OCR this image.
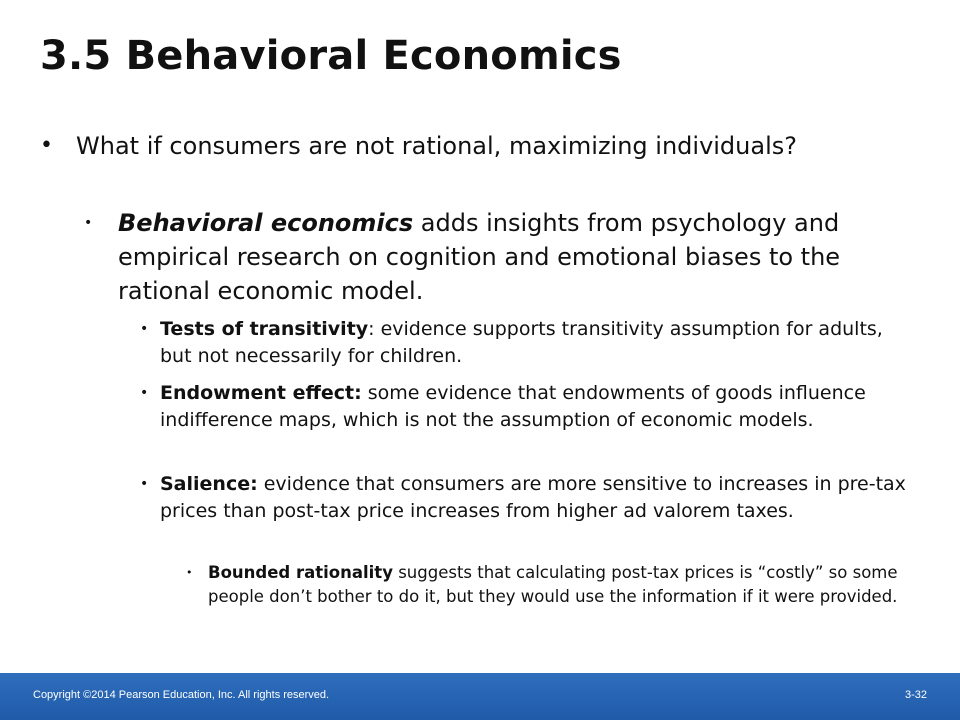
3.5 Behavioral Economics
• What if consumers are not rational, maximizing individuals?
•	Behavioral economics adds insights from psychology and empirical research on cognition and emotional biases to the rational economic model.
• Tests of transitivity: evidence supports transitivity assumption for adults, but not necessarily for children.
• Endowment effect: some evidence that endowments of goods influence indifference maps, which is not the assumption of economic models.
• Salience: evidence that consumers are more sensitive to increases in pre-tax prices than post-tax price increases from higher ad valorem taxes.
• Bounded rationality suggests that calculating post-tax prices is “costly” so some people don’t bother to do it, but they would use the information if it were provided.
Copyright ©2014 Pearson Education, Inc. All rights reserved.	3-32
